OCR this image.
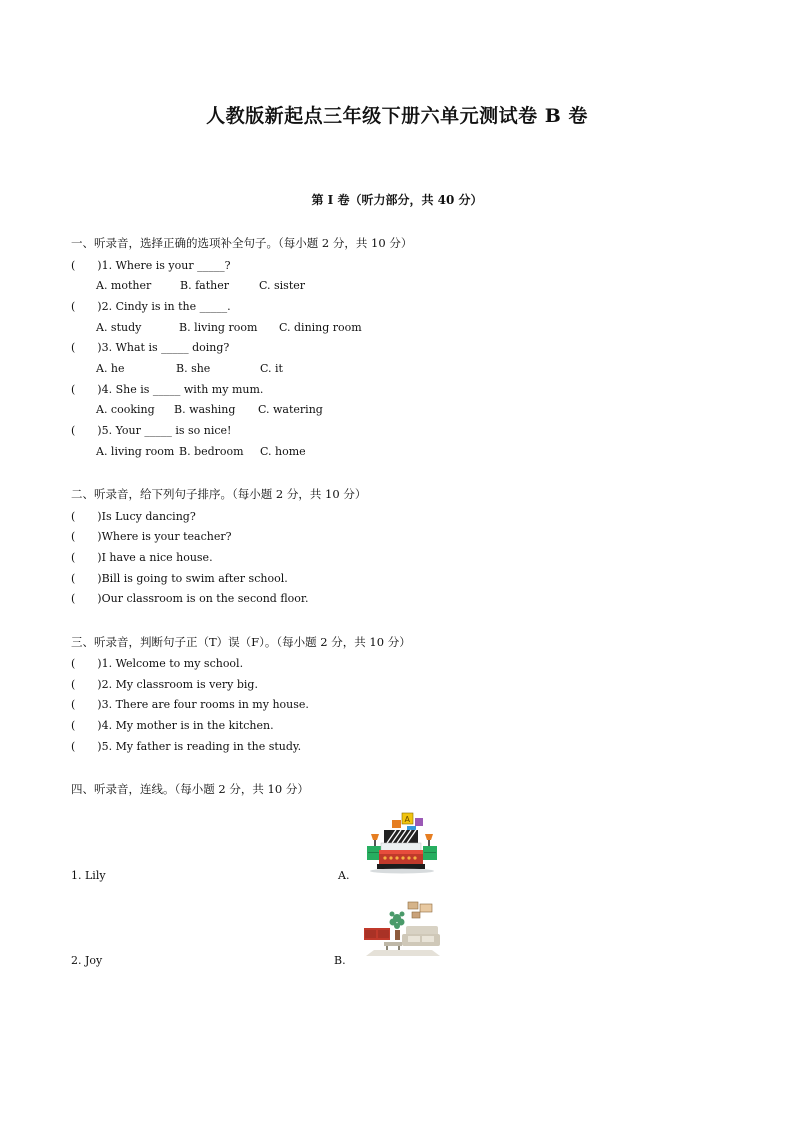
人教版新起点三年级下册六单元测试卷 B 卷
第 I 卷（听力部分，共 40 分）
一、听录音，选择正确的选项补全句子。（每小题 2 分，共 10 分）
( )1. Where is your _____?
A. mother	B. father	C. sister
( )2. Cindy is in the _____.
A. study	B. living room C. dining room
( )3. What is _____ doing?
A. he	B. she	C. it
( )4. She is _____ with my mum.
A. cooking B. washing C. watering
( )5. Your _____ is so nice!
A. living room B. bedroom C. home
二、听录音，给下列句子排序。（每小题 2 分，共 10 分）
( )Is Lucy dancing?
( )Where is your teacher?
( )I have a nice house.
( )Bill is going to swim after school.
( )Our classroom is on the second floor.
三、听录音，判断句子正（T）误（F）。（每小题 2 分，共 10 分）
( )1. Welcome to my school.
( )2. My classroom is very big.
( )3. There are four rooms in my house.
( )4. My mother is in the kitchen.
( )5. My father is reading in the study.
四、听录音，连线。（每小题 2 分，共 10 分）
1. Lily	A.
A
2. Joy	B.
